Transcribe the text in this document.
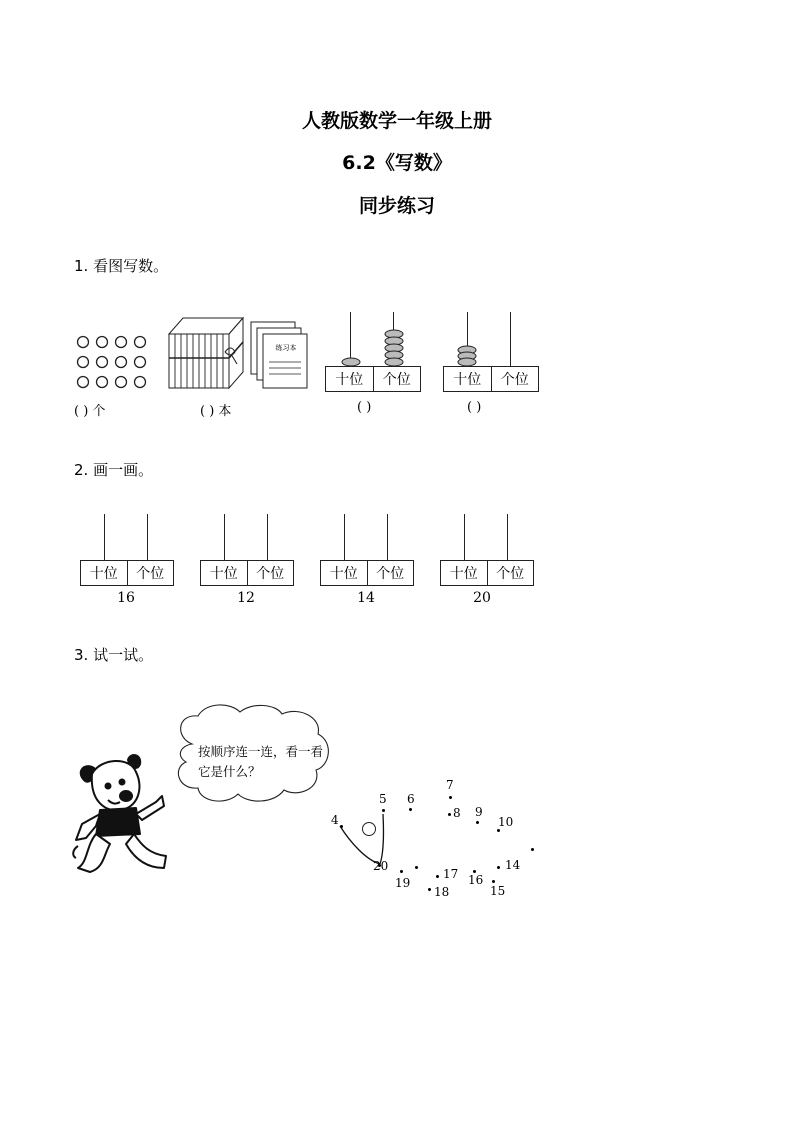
人教版数学一年级上册
6.2《写数》
同步练习
1. 看图写数。
( ) 个
练习本
( ) 本
十位	个位
( )
十位	个位
( )
2. 画一画。
十位	个位
16
十位	个位
12
十位	个位
14
十位	个位
20
3. 试一试。
按顺序连一连，看一看它是什么？
4
5 6
7
8 9
10
14
15
16
17
18
19
20
